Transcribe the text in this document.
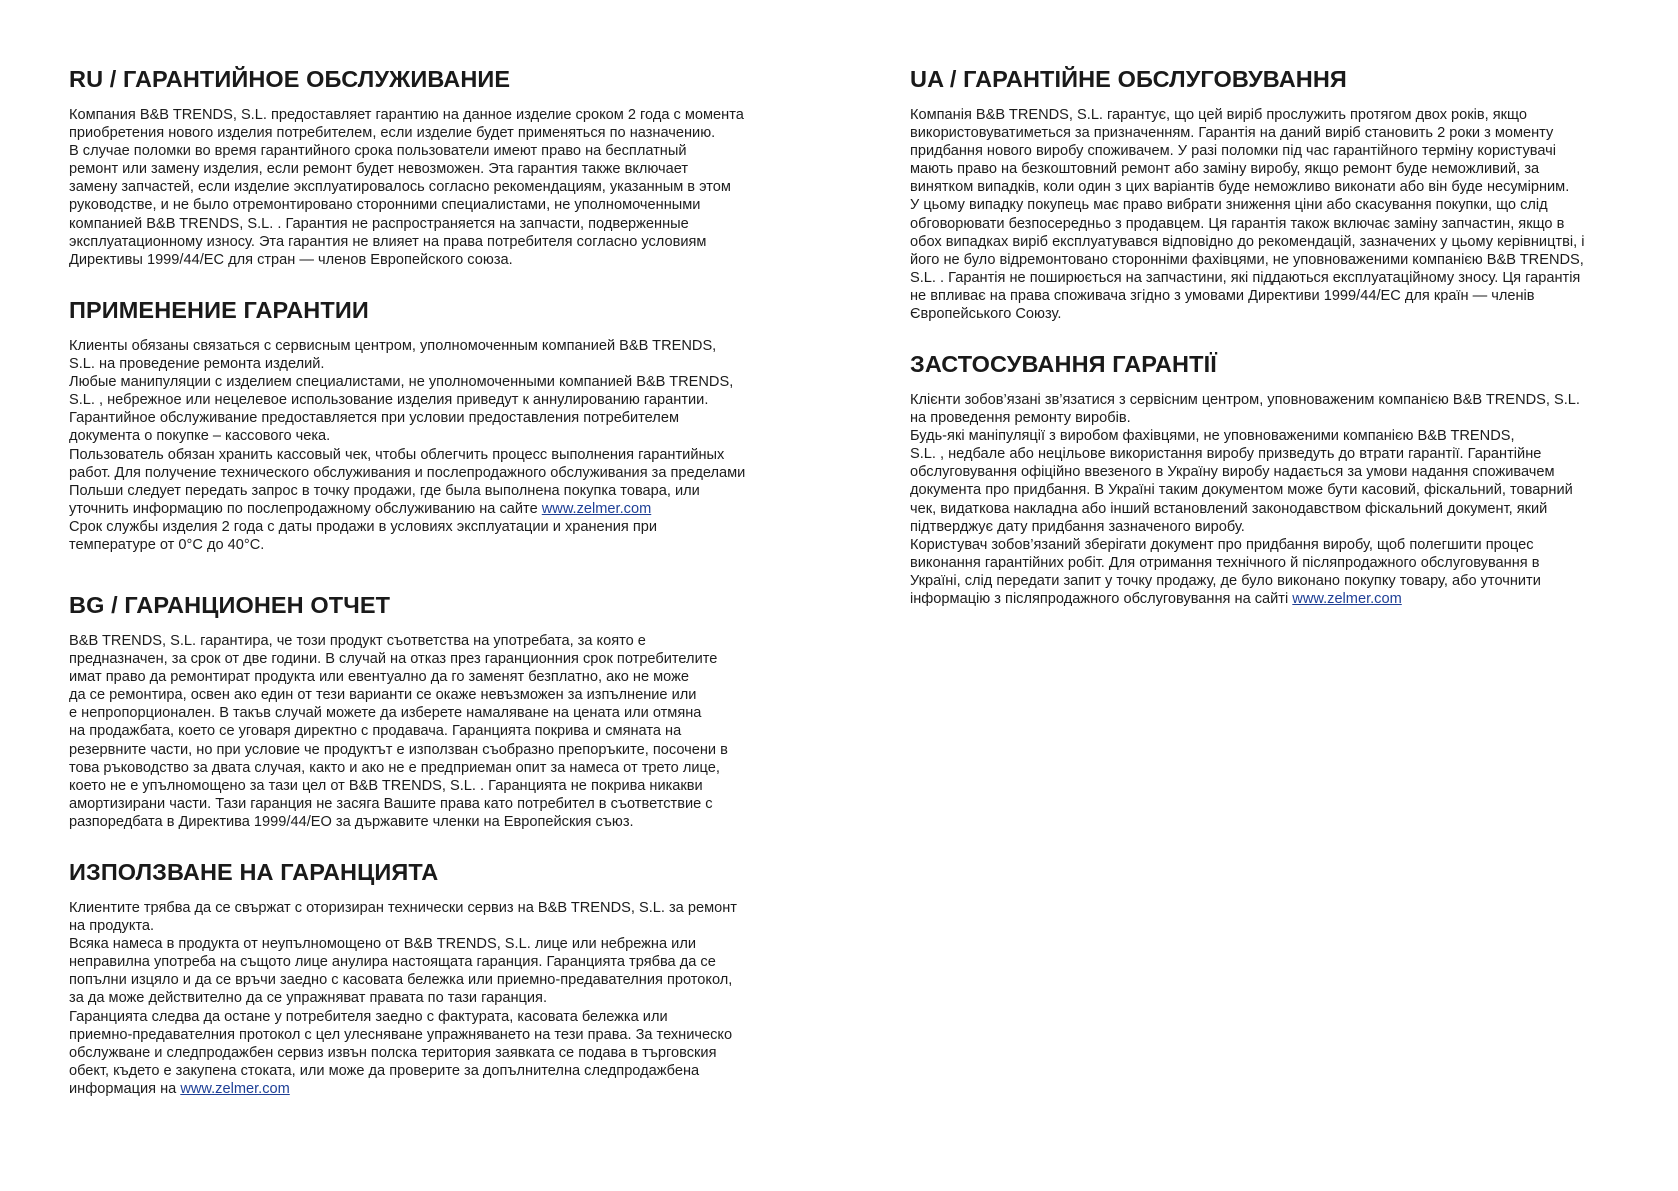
RU / ГАРАНТИЙНОЕ ОБСЛУЖИВАНИЕ
Компания B&B TRENDS, S.L. предоставляет гарантию на данное изделие сроком 2 года с момента
приобретения нового изделия потребителем, если изделие будет применяться по назначению.
В случае поломки во время гарантийного срока пользователи имеют право на бесплатный
ремонт или замену изделия, если ремонт будет невозможен. Эта гарантия также включает
замену запчастей, если изделие эксплуатировалось согласно рекомендациям, указанным в этом
руководстве, и не было отремонтировано сторонними специалистами, не уполномоченными
компанией B&B TRENDS, S.L. . Гарантия не распространяется на запчасти, подверженные
эксплуатационному износу. Эта гарантия не влияет на права потребителя согласно условиям
Директивы 1999/44/ЕС для стран — членов Европейского союза.
ПРИМЕНЕНИЕ ГАРАНТИИ
Клиенты обязаны связаться с сервисным центром, уполномоченным компанией B&B TRENDS,
S.L. на проведение ремонта изделий.
Любые манипуляции с изделием специалистами, не уполномоченными компанией B&B TRENDS,
S.L. , небрежное или нецелевое использование изделия приведут к аннулированию гарантии.
Гарантийное обслуживание предоставляется при условии предоставления потребителем
документа о покупке – кассового чека.
Пользователь обязан хранить кассовый чек, чтобы облегчить процесс выполнения гарантийных
работ. Для получение технического обслуживания и послепродажного обслуживания за пределами
Польши следует передать запрос в точку продажи, где была выполнена покупка товара, или
уточнить информацию по послепродажному обслуживанию на сайте www.zelmer.com
Срок службы изделия 2 года с даты продажи в условиях эксплуатации и хранения при
температуре от 0°С до 40°С.
BG / ГАРАНЦИОНЕН ОТЧЕТ
B&B TRENDS, S.L. гарантира, че този продукт съответства на употребата, за която е
предназначен, за срок от две години. В случай на отказ през гаранционния срок потребителите
имат право да ремонтират продукта или евентуално да го заменят безплатно, ако не може
да се ремонтира, освен ако един от тези варианти се окаже невъзможен за изпълнение или
е непропорционален. В такъв случай можете да изберете намаляване на цената или отмяна
на продажбата, което се уговаря директно с продавача. Гаранцията покрива и смяната на
резервните части, но при условие че продуктът е използван съобразно препоръките, посочени в
това ръководство за двата случая, както и ако не е предприеман опит за намеса от трето лице,
което не е упълномощено за тази цел от B&B TRENDS, S.L. . Гаранцията не покрива никакви
амортизирани части. Тази гаранция не засяга Вашите права като потребител в съответствие с
разпоредбата в Директива 1999/44/ЕО за държавите членки на Европейския съюз.
ИЗПОЛЗВАНЕ НА ГАРАНЦИЯТА
Клиентите трябва да се свържат с оторизиран технически сервиз на B&B TRENDS, S.L. за ремонт
на продукта.
Всяка намеса в продукта от неупълномощено от B&B TRENDS, S.L. лице или небрежна или
неправилна употреба на същото лице анулира настоящата гаранция. Гаранцията трябва да се
попълни изцяло и да се връчи заедно с касовата бележка или приемно-предавателния протокол,
за да може действително да се упражняват правата по тази гаранция.
Гаранцията следва да остане у потребителя заедно с фактурата, касовата бележка или
приемно-предавателния протокол с цел улесняване упражняването на тези права. За техническо
обслужване и следпродажбен сервиз извън полска територия заявката се подава в търговския
обект, където е закупена стоката, или може да проверите за допълнителна следпродажбена
информация на www.zelmer.com
UA / ГАРАНТІЙНЕ ОБСЛУГОВУВАННЯ
Компанія B&B TRENDS, S.L. гарантує, що цей виріб прослужить протягом двох років, якщо
використовуватиметься за призначенням. Гарантія на даний виріб становить 2 роки з моменту
придбання нового виробу споживачем. У разі поломки під час гарантійного терміну користувачі
мають право на безкоштовний ремонт або заміну виробу, якщо ремонт буде неможливий, за
винятком випадків, коли один з цих варіантів буде неможливо виконати або він буде несумірним.
У цьому випадку покупець має право вибрати зниження ціни або скасування покупки, що слід
обговорювати безпосередньо з продавцем. Ця гарантія також включає заміну запчастин, якщо в
обох випадках виріб експлуатувався відповідно до рекомендацій, зазначених у цьому керівництві, і
його не було відремонтовано сторонніми фахівцями, не уповноваженими компанією B&B TRENDS,
S.L. . Гарантія не поширюється на запчастини, які піддаються експлуатаційному зносу. Ця гарантія
не впливає на права споживача згідно з умовами Директиви 1999/44/ЕС для країн — членів
Європейського Союзу.
ЗАСТОСУВАННЯ ГАРАНТІЇ
Клієнти зобов’язані зв’язатися з сервісним центром, уповноваженим компанією B&B TRENDS, S.L.
на проведення ремонту виробів.
Будь-які маніпуляції з виробом фахівцями, не уповноваженими компанією B&B TRENDS,
S.L. , недбале або нецільове використання виробу призведуть до втрати гарантії. Гарантійне
обслуговування офіційно ввезеного в Україну виробу надається за умови надання споживачем
документа про придбання. В Україні таким документом може бути касовий, фіскальний, товарний
чек, видаткова накладна або інший встановлений законодавством фіскальний документ, який
підтверджує дату придбання зазначеного виробу.
Користувач зобов’язаний зберігати документ про придбання виробу, щоб полегшити процес
виконання гарантійних робіт. Для отримання технічного й післяпродажного обслуговування в
Україні, слід передати запит у точку продажу, де було виконано покупку товару, або уточнити
інформацію з післяпродажного обслуговування на сайті www.zelmer.com
